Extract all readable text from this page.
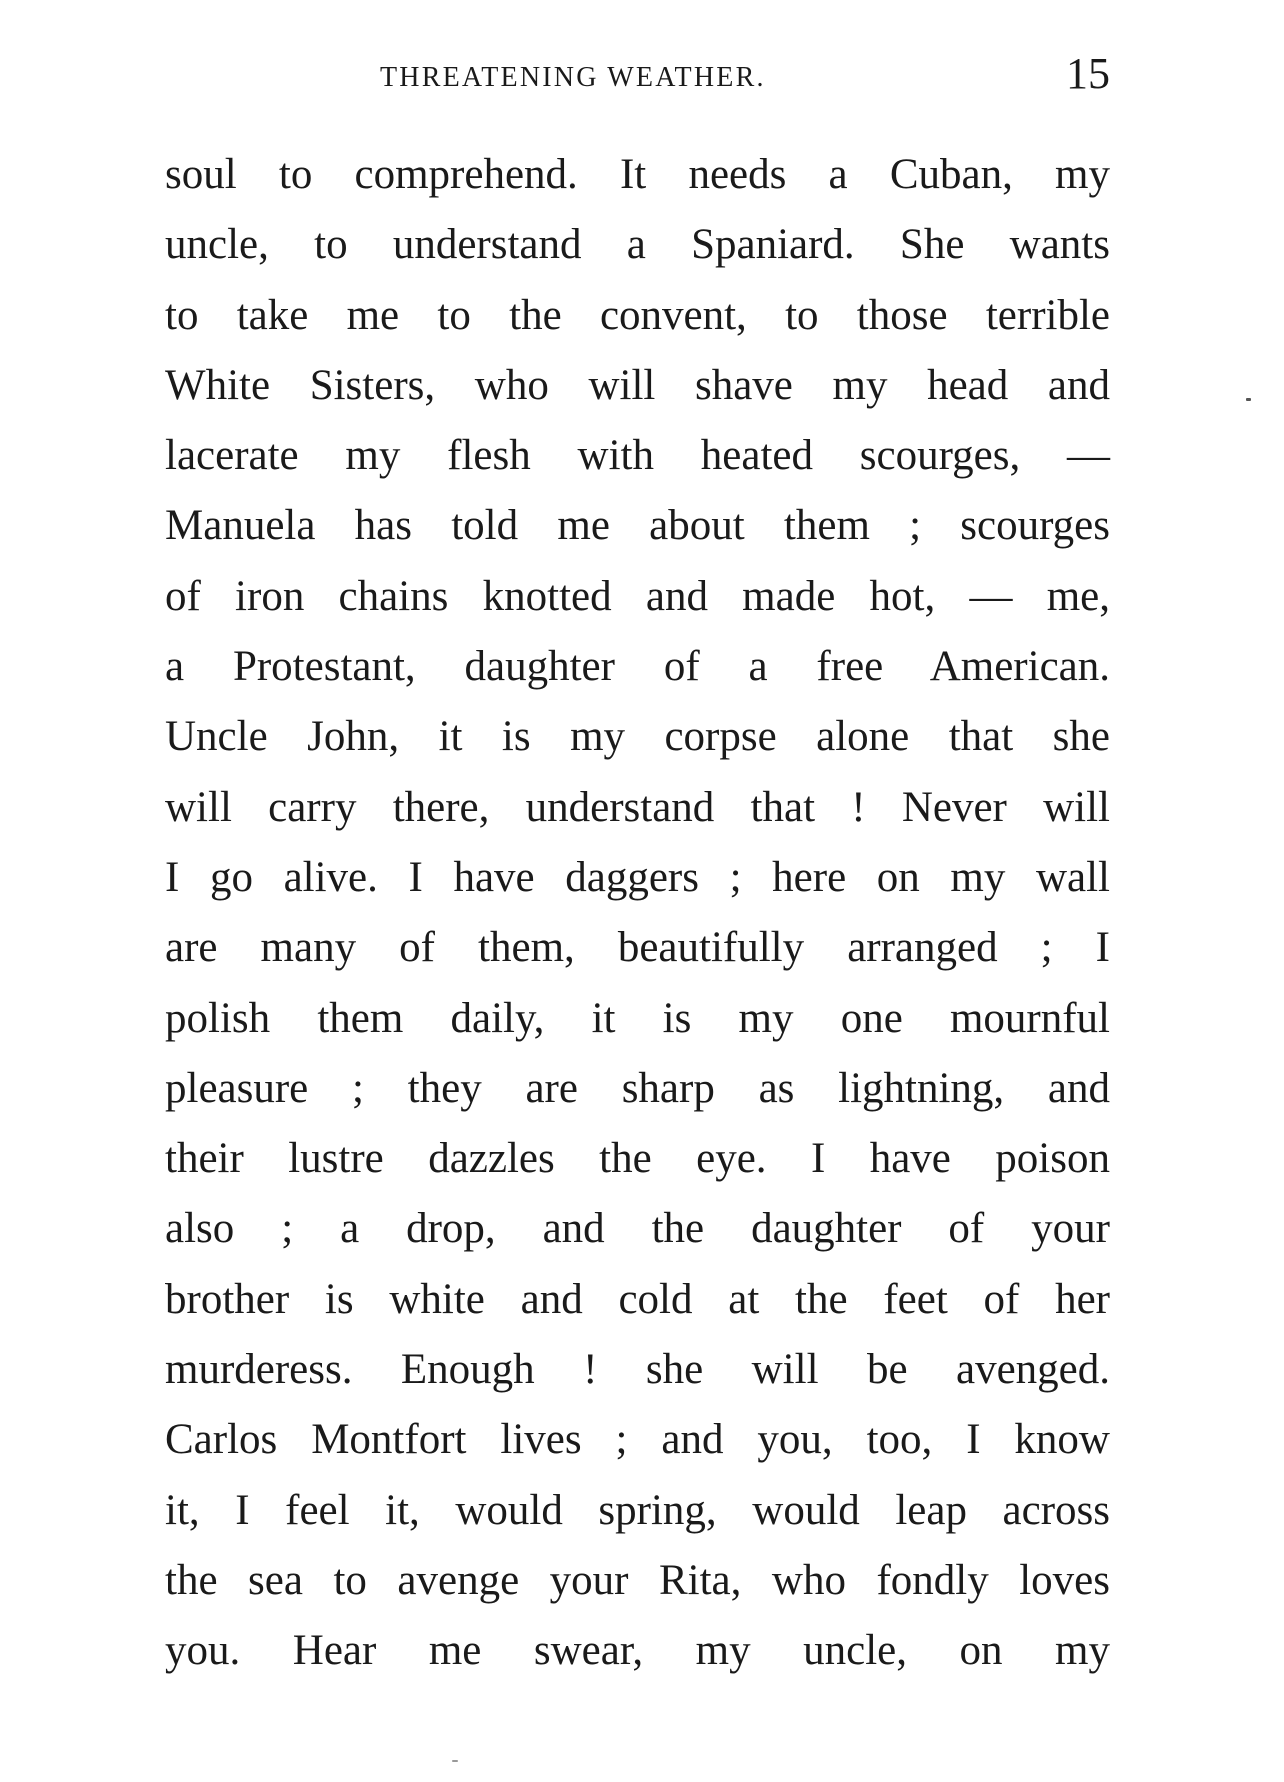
THREATENING WEATHER.	15
soul to comprehend. It needs a Cuban, my
uncle, to understand a Spaniard. She wants
to take me to the convent, to those terrible
White Sisters, who will shave my head and
lacerate my flesh with heated scourges, —
Manuela has told me about them ; scourges
of iron chains knotted and made hot, — me,
a Protestant, daughter of a free American.
Uncle John, it is my corpse alone that she
will carry there, understand that ! Never will
I go alive. I have daggers ; here on my wall
are many of them, beautifully arranged ; I
polish them daily, it is my one mournful
pleasure ; they are sharp as lightning, and
their lustre dazzles the eye. I have poison
also ; a drop, and the daughter of your
brother is white and cold at the feet of her
murderess. Enough ! she will be avenged.
Carlos Montfort lives ; and you, too, I know
it, I feel it, would spring, would leap across
the sea to avenge your Rita, who fondly loves
you. Hear me swear, my uncle, on my
